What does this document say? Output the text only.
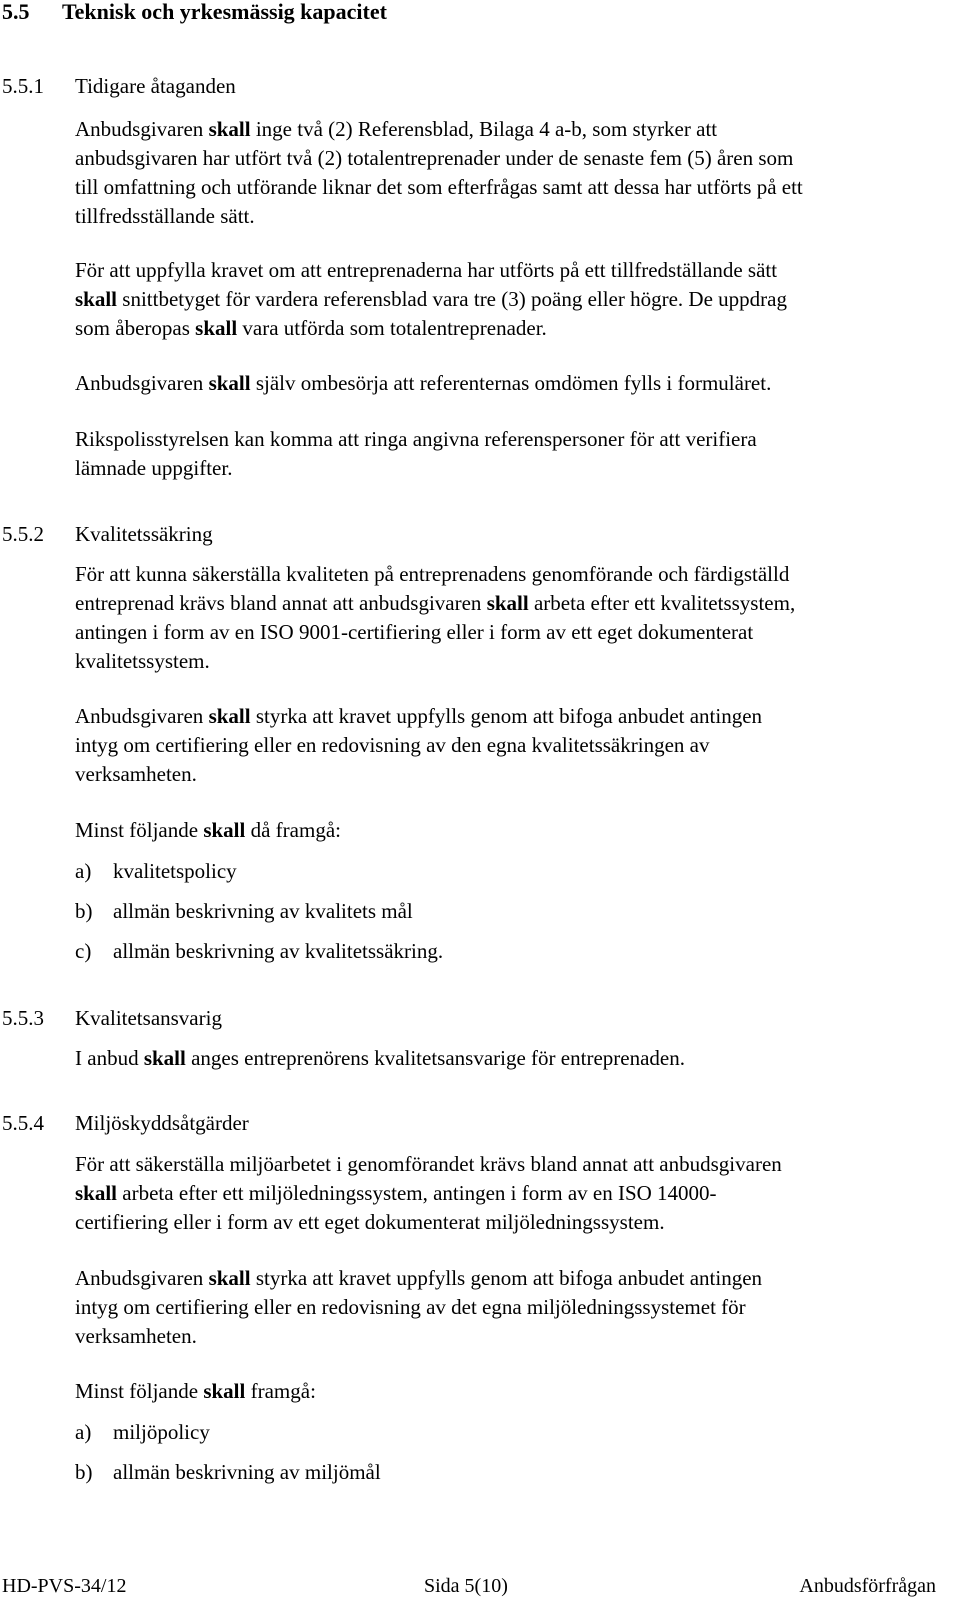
5.5 Teknisk och yrkesmässig kapacitet
5.5.1 Tidigare åtaganden
Anbudsgivaren skall inge två (2) Referensblad, Bilaga 4 a-b, som styrker att
anbudsgivaren har utfört två (2) totalentreprenader under de senaste fem (5) åren som
till omfattning och utförande liknar det som efterfrågas samt att dessa har utförts på ett
tillfredsställande sätt.
För att uppfylla kravet om att entreprenaderna har utförts på ett tillfredställande sätt
skall snittbetyget för vardera referensblad vara tre (3) poäng eller högre. De uppdrag
som åberopas skall vara utförda som totalentreprenader.
Anbudsgivaren skall själv ombesörja att referenternas omdömen fylls i formuläret.
Rikspolisstyrelsen kan komma att ringa angivna referenspersoner för att verifiera
lämnade uppgifter.
5.5.2 Kvalitetssäkring
För att kunna säkerställa kvaliteten på entreprenadens genomförande och färdigställd
entreprenad krävs bland annat att anbudsgivaren skall arbeta efter ett kvalitetssystem,
antingen i form av en ISO 9001-certifiering eller i form av ett eget dokumenterat
kvalitetssystem.
Anbudsgivaren skall styrka att kravet uppfylls genom att bifoga anbudet antingen
intyg om certifiering eller en redovisning av den egna kvalitetssäkringen av
verksamheten.
Minst följande skall då framgå:
a) kvalitetspolicy
b) allmän beskrivning av kvalitets mål
c) allmän beskrivning av kvalitetssäkring.
5.5.3 Kvalitetsansvarig
I anbud skall anges entreprenörens kvalitetsansvarige för entreprenaden.
5.5.4 Miljöskyddsåtgärder
För att säkerställa miljöarbetet i genomförandet krävs bland annat att anbudsgivaren
skall arbeta efter ett miljöledningssystem, antingen i form av en ISO 14000-
certifiering eller i form av ett eget dokumenterat miljöledningssystem.
Anbudsgivaren skall styrka att kravet uppfylls genom att bifoga anbudet antingen
intyg om certifiering eller en redovisning av det egna miljöledningssystemet för
verksamheten.
Minst följande skall framgå:
a) miljöpolicy
b) allmän beskrivning av miljömål
HD-PVS-34/12	Sida 5(10)	Anbudsförfrågan
